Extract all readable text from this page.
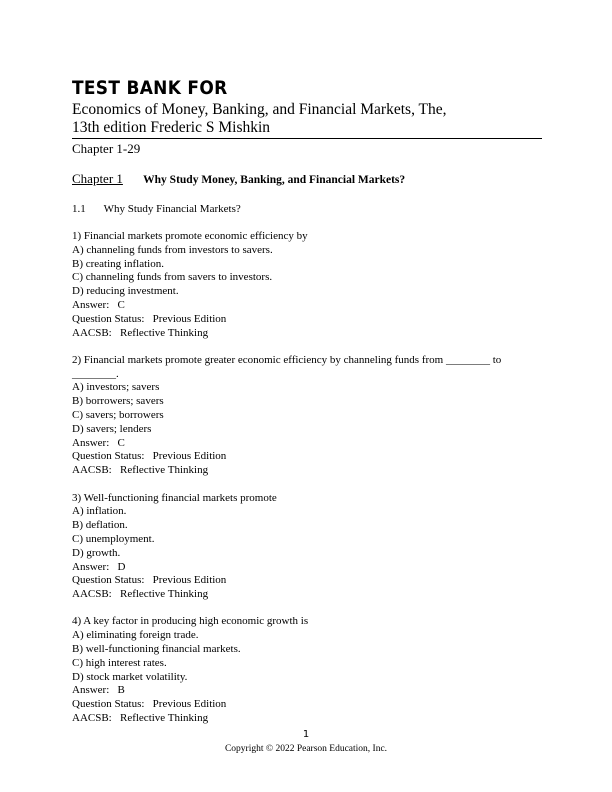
TEST BANK FOR
Economics of Money, Banking, and Financial Markets, The,
13th edition Frederic S Mishkin
Chapter 1-29
Chapter 1 Why Study Money, Banking, and Financial Markets?
1.1 Why Study Financial Markets?
1) Financial markets promote economic efficiency by
A) channeling funds from investors to savers.
B) creating inflation.
C) channeling funds from savers to investors.
D) reducing investment.
Answer:   C
Question Status:   Previous Edition
AACSB:   Reflective Thinking
2) Financial markets promote greater economic efficiency by channeling funds from ________ to ________.
A) investors; savers
B) borrowers; savers
C) savers; borrowers
D) savers; lenders
Answer:   C
Question Status:   Previous Edition
AACSB:   Reflective Thinking
3) Well-functioning financial markets promote
A) inflation.
B) deflation.
C) unemployment.
D) growth.
Answer:   D
Question Status:   Previous Edition
AACSB:   Reflective Thinking
4) A key factor in producing high economic growth is
A) eliminating foreign trade.
B) well-functioning financial markets.
C) high interest rates.
D) stock market volatility.
Answer:   B
Question Status:   Previous Edition
AACSB:   Reflective Thinking
1
Copyright © 2022 Pearson Education, Inc.
